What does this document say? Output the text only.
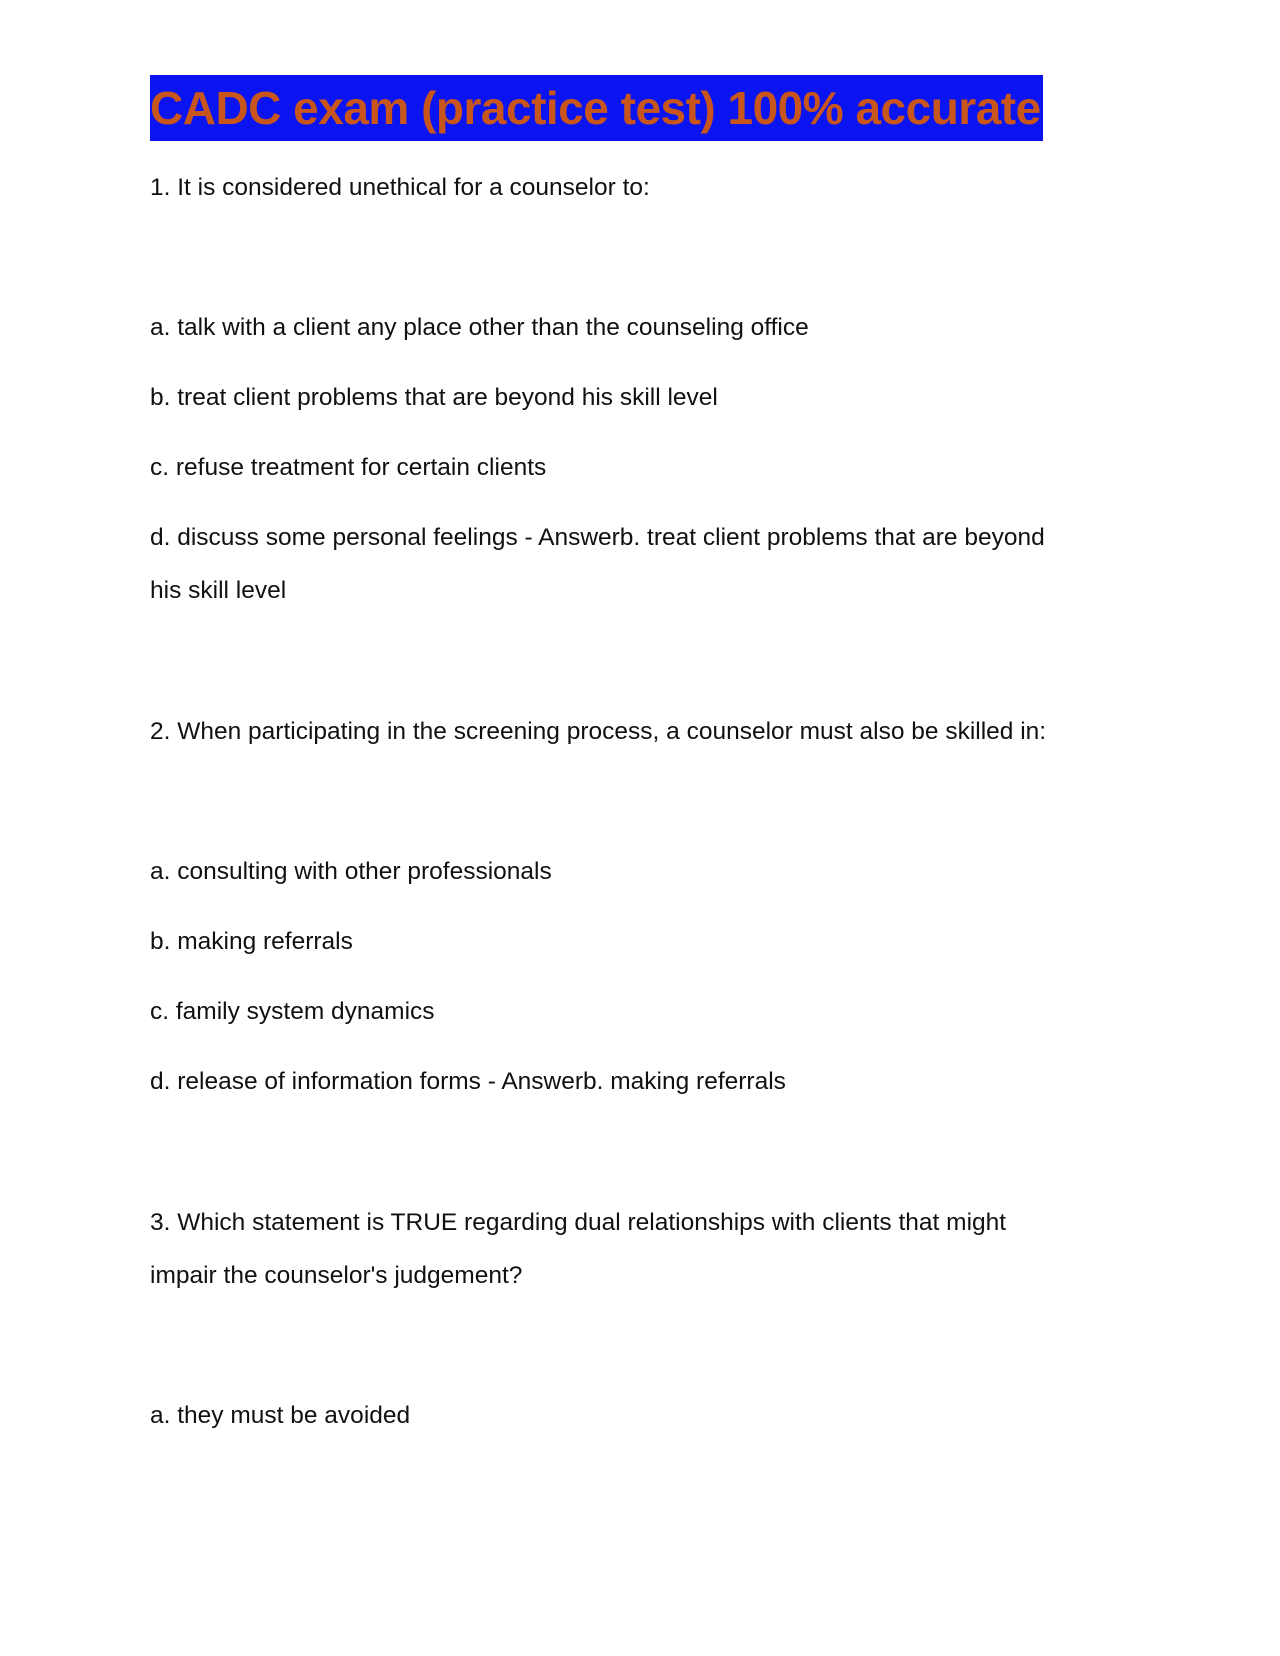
CADC exam (practice test) 100% accurate
1. It is considered unethical for a counselor to:
a. talk with a client any place other than the counseling office
b. treat client problems that are beyond his skill level
c. refuse treatment for certain clients
d. discuss some personal feelings - Answerb. treat client problems that are beyond
his skill level
2. When participating in the screening process, a counselor must also be skilled in:
a. consulting with other professionals
b. making referrals
c. family system dynamics
d. release of information forms - Answerb. making referrals
3. Which statement is TRUE regarding dual relationships with clients that might
impair the counselor's judgement?
a. they must be avoided
